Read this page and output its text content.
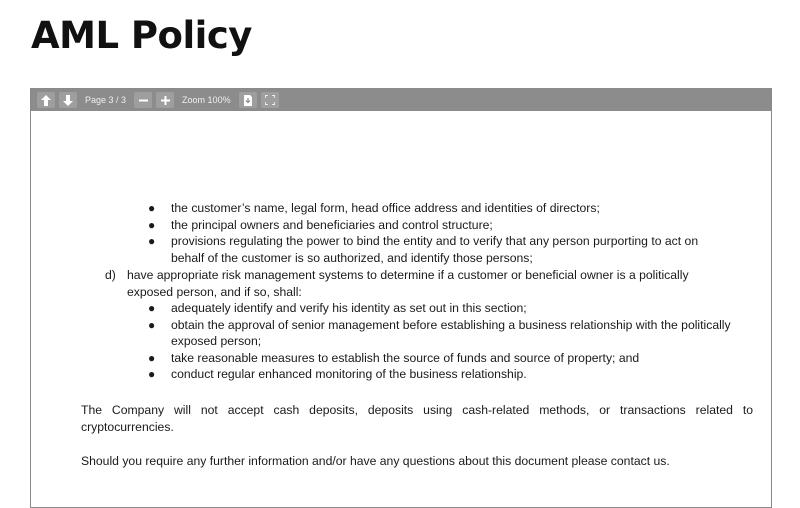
AML Policy
Page 3 / 3	Zoom 100%
● the customer’s name, legal form, head office address and identities of directors;
● the principal owners and beneficiaries and control structure;
● provisions regulating the power to bind the entity and to verify that any person purporting to act on behalf of the customer is so authorized, and identify those persons;
d) have appropriate risk management systems to determine if a customer or beneficial owner is a politically exposed person, and if so, shall:
● adequately identify and verify his identity as set out in this section;
● obtain the approval of senior management before establishing a business relationship with the politically exposed person;
● take reasonable measures to establish the source of funds and source of property; and
● conduct regular enhanced monitoring of the business relationship.

The Company will not accept cash deposits, deposits using cash-related methods, or transactions related to cryptocurrencies.

Should you require any further information and/or have any questions about this document please contact us.
